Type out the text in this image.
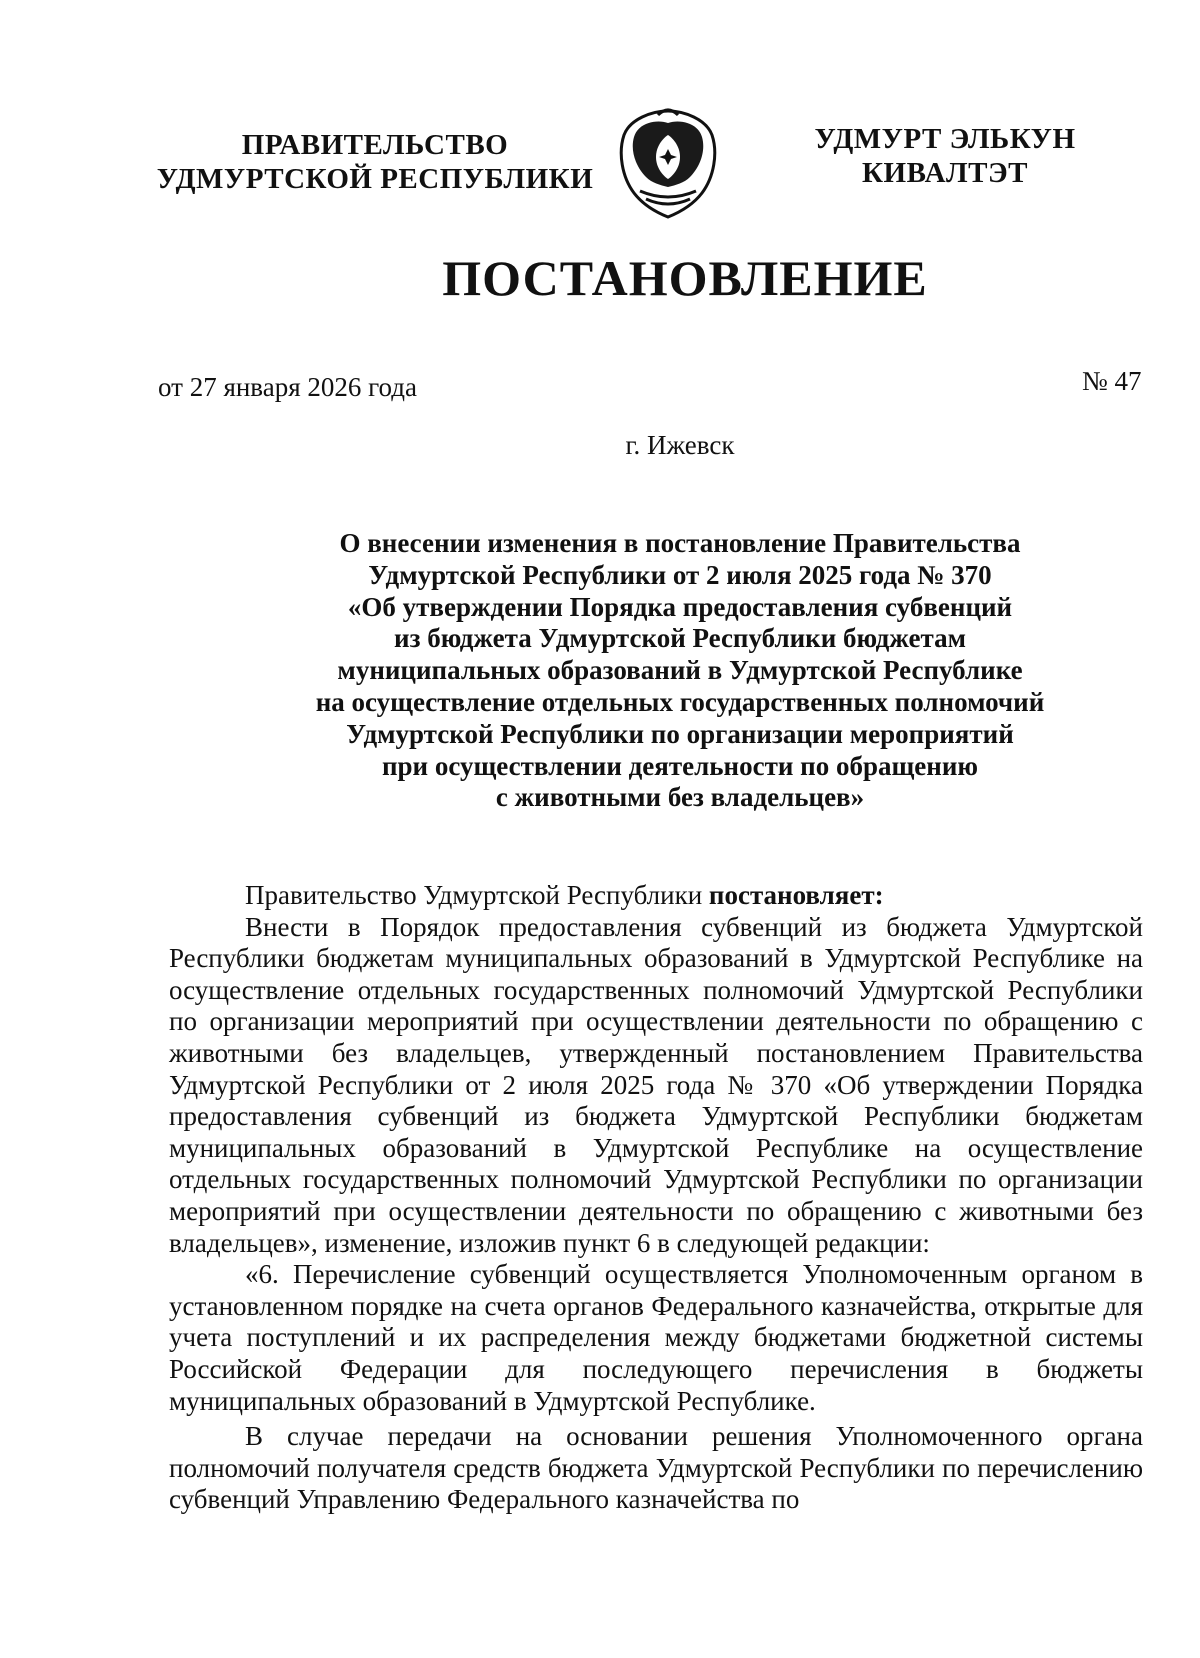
ПРАВИТЕЛЬСТВО
УДМУРТСКОЙ РЕСПУБЛИКИ
УДМУРТ ЭЛЬКУН
КИВАЛТЭТ
ПОСТАНОВЛЕНИЕ
от 27 января 2026 года	№ 47
г. Ижевск
О внесении изменения в постановление Правительства
Удмуртской Республики от 2 июля 2025 года № 370
«Об утверждении Порядка предоставления субвенций
из бюджета Удмуртской Республики бюджетам
муниципальных образований в Удмуртской Республике
на осуществление отдельных государственных полномочий
Удмуртской Республики по организации мероприятий
при осуществлении деятельности по обращению
с животными без владельцев»

Правительство Удмуртской Республики постановляет:

Внести в Порядок предоставления субвенций из бюджета Удмуртской Республики бюджетам муниципальных образований в Удмуртской Республике на осуществление отдельных государственных полномочий Удмуртской Республики по организации мероприятий при осуществлении деятельности по обращению с животными без владельцев, утвержденный постановлением Правительства Удмуртской Республики от 2 июля 2025 года № 370 «Об утверждении Порядка предоставления субвенций из бюджета Удмуртской Республики бюджетам муниципальных образований в Удмуртской Республике на осуществление отдельных государственных полномочий Удмуртской Республики по организации мероприятий при осуществлении деятельности по обращению с животными без владельцев», изменение, изложив пункт 6 в следующей редакции:

«6. Перечисление субвенций осуществляется Уполномоченным органом в установленном порядке на счета органов Федерального казначейства, открытые для учета поступлений и их распределения между бюджетами бюджетной системы Российской Федерации для последующего перечисления в бюджеты муниципальных образований в Удмуртской Республике.

В случае передачи на основании решения Уполномоченного органа полномочий получателя средств бюджета Удмуртской Республики по перечислению субвенций Управлению Федерального казначейства по
